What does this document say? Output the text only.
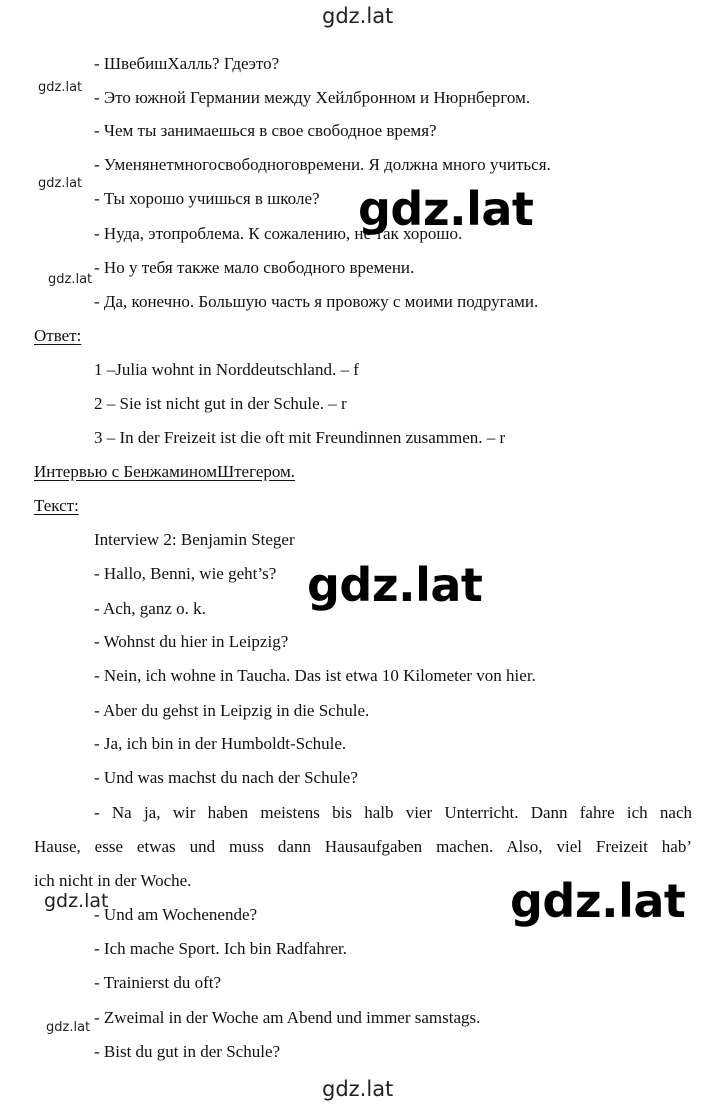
gdz.lat
- ШвебишХалль? Гдеэто?
- Это южной Германии между Хейлбронном и Нюрнбергом.
- Чем ты занимаешься в свое свободное время?
- Уменянетмногосвободноговремени. Я должна много учиться.
- Ты хорошо учишься в школе?
- Нуда, этопроблема. К сожалению, не так хорошо.
- Но у тебя также мало свободного времени.
- Да, конечно. Большую часть я провожу с моими подругами.
Ответ:
1 –Julia wohnt in Norddeutschland. – f
2 – Sie ist nicht gut in der Schule. – r
3 – In der Freizeit ist die oft mit Freundinnen zusammen. – r
Интервью с БенжаминомШтегером.
Текст:
Interview 2: Benjamin Steger
- Hallo, Benni, wie geht’s?
- Ach, ganz o. k.
- Wohnst du hier in Leipzig?
- Nein, ich wohne in Taucha. Das ist etwa 10 Kilometer von hier.
- Aber du gehst in Leipzig in die Schule.
- Ja, ich bin in der Humboldt-Schule.
- Und was machst du nach der Schule?
- Na ja, wir haben meistens bis halb vier Unterricht. Dann fahre ich nach
Hause, esse etwas und muss dann Hausaufgaben machen. Also, viel Freizeit hab’
ich nicht in der Woche.
- Und am Wochenende?
- Ich mache Sport. Ich bin Radfahrer.
- Trainierst du oft?
- Zweimal in der Woche am Abend und immer samstags.
- Bist du gut in der Schule?
gdz.lat
gdz.lat
gdz.lat
gdz.lat
gdz.lat
gdz.lat
gdz.lat
gdz.lat
gdz.lat
